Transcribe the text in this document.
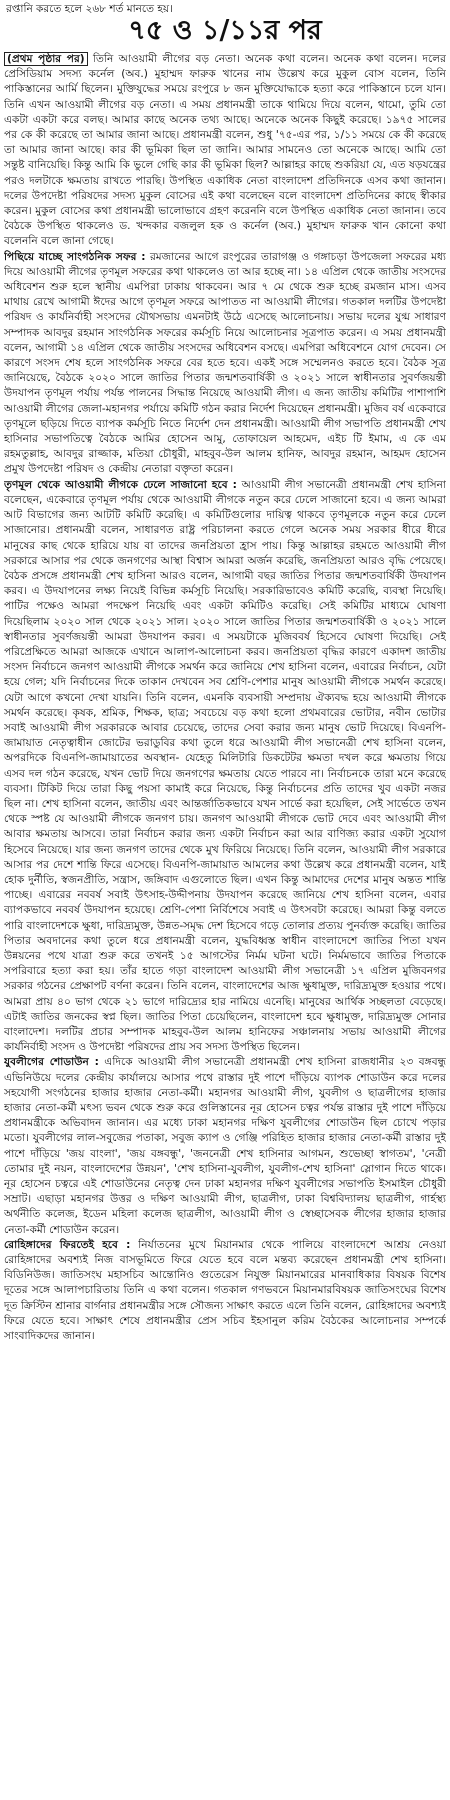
রপ্তানি করতে হলে ২৬৮ শর্ত মানতে হয়।
৭৫ ও ১/১১র পর

(প্রথম পৃষ্ঠার পর) তিনি আওয়ামী লীগের বড় নেতা। অনেক কথা বলেন। অনেক কথা বলেন। দলের প্রেসিডিয়াম সদস্য কর্নেল (অব.) মুহাম্মদ ফারুক খানের নাম উল্লেখ করে মুকুল বোস বলেন, তিনি পাকিস্তানের আর্মি ছিলেন। মুক্তিযুদ্ধের সময়ে রংপুরে ৮ জন মুক্তিযোদ্ধাকে হত্যা করে পাকিস্তানে চলে যান। তিনি এখন আওয়ামী লীগের বড় নেতা। এ সময় প্রধানমন্ত্রী তাকে থামিয়ে দিয়ে বলেন, থামো, তুমি তো একটা একটা করে বলছ। আমার কাছে অনেক তথ্য আছে। অনেকে অনেক কিছুই করেছে। ১৯৭৫ সালের পর কে কী করেছে তা আমার জানা আছে। প্রধানমন্ত্রী বলেন, শুধু '৭৫-এর পর, ১/১১ সময়ে কে কী করেছে তা আমার জানা আছে। কার কী ভূমিকা ছিল তা জানি। আমার সামনেও তো অনেকে আছে। আমি তো সন্তুষ্ট বানিয়েছি। কিন্তু আমি কি ভুলে গেছি কার কী ভূমিকা ছিল? আল্লাহর কাছে শুকরিয়া যে, এত ষড়যন্ত্রের পরও দলটাকে ক্ষমতায় রাখতে পারছি। উপস্থিত একাধিক নেতা বাংলাদেশ প্রতিদিনকে এসব কথা জানান। দলের উপদেষ্টা পরিষদের সদস্য মুকুল বোসের এই কথা বলেছেন বলে বাংলাদেশ প্রতিদিনের কাছে স্বীকার করেন। মুকুল বোসের কথা প্রধানমন্ত্রী ভালোভাবে গ্রহণ করেননি বলে উপস্থিত একাধিক নেতা জানান। তবে বৈঠকে উপস্থিত থাকলেও ড. খন্দকার বজলুল হক ও কর্নেল (অব.) মুহাম্মদ ফারুক খান কোনো কথা বলেননি বলে জানা গেছে।

পিছিয়ে যাচ্ছে সাংগঠনিক সফর : রমজানের আগে রংপুরের তারাগঞ্জ ও গঙ্গাচড়া উপজেলা সফরের মধ্য দিয়ে আওয়ামী লীগের তৃণমূল সফরের কথা থাকলেও তা আর হচ্ছে না। ১৪ এপ্রিল থেকে জাতীয় সংসদের অধিবেশন শুরু হলে স্থানীয় এমপিরা ঢাকায় থাকবেন। আর ৭ মে থেকে শুরু হচ্ছে রমজান মাস। এসব মাথায় রেখে আগামী ঈদের আগে তৃণমূল সফরে আপাতত না আওয়ামী লীগের। গতকাল দলটির উপদেষ্টা পরিষদ ও কার্যনির্বাহী সংসদের যৌথসভায় এমনটাই উঠে এসেছে আলোচনায়। সভায় দলের যুগ্ম সাধারণ সম্পাদক আবদুর রহমান সাংগঠনিক সফরের কর্মসূচি নিয়ে আলোচনার সূত্রপাত করেন। এ সময় প্রধানমন্ত্রী বলেন, আগামী ১৪ এপ্রিল থেকে জাতীয় সংসদের অধিবেশন বসছে। এমপিরা অধিবেশনে যোগ দেবেন। সে কারণে সংসদ শেষ হলে সাংগঠনিক সফরে বের হতে হবে। একই সঙ্গে সম্মেলনও করতে হবে। বৈঠক সূত্র জানিয়েছে, বৈঠকে ২০২০ সালে জাতির পিতার জন্মশতবার্ষিকী ও ২০২১ সালে স্বাধীনতার সুবর্ণজয়ন্তী উদযাপন তৃণমূল পর্যায় পর্যন্ত পালনের সিদ্ধান্ত নিয়েছে আওয়ামী লীগ। এ জন্য জাতীয় কমিটির পাশাপাশি আওয়ামী লীগের জেলা-মহানগর পর্যায়ে কমিটি গঠন করার নির্দেশ দিয়েছেন প্রধানমন্ত্রী। মুজিব বর্ষ একেবারে তৃণমূলে ছড়িয়ে দিতে ব্যাপক কর্মসূচি নিতে নির্দেশ দেন প্রধানমন্ত্রী। আওয়ামী লীগ সভাপতি প্রধানমন্ত্রী শেখ হাসিনার সভাপতিত্বে বৈঠকে আমির হোসেন আমু, তোফায়েল আহমেদ, এইচ টি ইমাম, এ কে এম রহমতুল্লাহ, আবদুর রাজ্জাক, মতিয়া চৌধুরী, মাহবুব-উল আলম হানিফ, আবদুর রহমান, আহমদ হোসেন প্রমুখ উপদেষ্টা পরিষদ ও কেন্দ্রীয় নেতারা বক্তৃতা করেন।

তৃণমূল থেকে আওয়ামী লীগকে ঢেলে সাজানো হবে : আওয়ামী লীগ সভানেত্রী প্রধানমন্ত্রী শেখ হাসিনা বলেছেন, একেবারে তৃণমূল পর্যায় থেকে আওয়ামী লীগকে নতুন করে ঢেলে সাজানো হবে। এ জন্য আমরা আট বিভাগের জন্য আটটি কমিটি করেছি। এ কমিটিগুলোর দায়িত্ব থাকবে তৃণমূলকে নতুন করে ঢেলে সাজানোর। প্রধানমন্ত্রী বলেন, সাধারণত রাষ্ট্র পরিচালনা করতে গেলে অনেক সময় সরকার ধীরে ধীরে মানুষের কাছ থেকে হারিয়ে যায় বা তাদের জনপ্রিয়তা হ্রাস পায়। কিন্তু আল্লাহর রহমতে আওয়ামী লীগ সরকারে আসার পর থেকে জনগণের আস্থা বিশ্বাস আমরা অর্জন করেছি, জনপ্রিয়তা আরও বৃদ্ধি পেয়েছে। বৈঠক প্রসঙ্গে প্রধানমন্ত্রী শেখ হাসিনা আরও বলেন, আগামী বছর জাতির পিতার জন্মশতবার্ষিকী উদযাপন করব। এ উদযাপনের লক্ষ্য নিয়েই বিভিন্ন কর্মসূচি নিয়েছি। সরকারিভাবেও কমিটি করেছি, ব্যবস্থা নিয়েছি। পাটির পক্ষেও আমরা পদক্ষেপ নিয়েছি এবং একটা কমিটিও করেছি। সেই কমিটির মাধ্যমে ঘোষণা দিয়েছিলাম ২০২০ সাল থেকে ২০২১ সাল। ২০২০ সালে জাতির পিতার জন্মশতবার্ষিকী ও ২০২১ সালে স্বাধীনতার সুবর্ণজয়ন্তী আমরা উদযাপন করব। এ সময়টাকে মুজিববর্ষ হিসেবে ঘোষণা দিয়েছি। সেই পরিপ্রেক্ষিতে আমরা আজকে এখানে আলাপ-আলোচনা করব। জনপ্রিয়তা বৃদ্ধির কারণে একাদশ জাতীয় সংসদ নির্বাচনে জনগণ আওয়ামী লীগকে সমর্থন করে জানিয়ে শেখ হাসিনা বলেন, এবারের নির্বাচন, যেটা হয়ে গেল; যদি নির্বাচনের দিকে তাকান দেখবেন সব শ্রেণি-পেশার মানুষ আওয়ামী লীগকে সমর্থন করেছে। যেটা আগে কখনো দেখা যায়নি। তিনি বলেন, এমনকি ব্যবসায়ী সম্প্রদায় ঐক্যবদ্ধ হয়ে আওয়ামী লীগকে সমর্থন করেছে। কৃষক, শ্রমিক, শিক্ষক, ছাত্র; সবচেয়ে বড় কথা হলো প্রথমবারের ভোটার, নবীন ভোটার সবাই আওয়ামী লীগ সরকারকে আবার চেয়েছে, তাদের সেবা করার জন্য মানুষ ভোট দিয়েছে। বিএনপি-জামায়াত নেতৃত্বাধীন জোটের ভরাডুবির কথা তুলে ধরে আওয়ামী লীগ সভানেত্রী শেখ হাসিনা বলেন, অপরদিকে বিএনপি-জামায়াতের অবস্থান- যেহেতু মিলিটারি ডিকটেটর ক্ষমতা দখল করে ক্ষমতায় গিয়ে এসব দল গঠন করেছে, যখন ভোট দিয়ে জনগণের ক্ষমতায় যেতে পারবে না। নির্বাচনকে তারা মনে করেছে ব্যবসা। টিকিট দিয়ে তারা কিছু পয়সা কামাই করে নিয়েছে, কিন্তু নির্বাচনের প্রতি তাদের খুব একটা নজর ছিল না। শেখ হাসিনা বলেন, জাতীয় এবং আন্তর্জাতিকভাবে যখন সার্ভে করা হয়েছিল, সেই সার্ভেতে তখন থেকে স্পষ্ট যে আওয়ামী লীগকে জনগণ চায়। জনগণ আওয়ামী লীগকে ভোট দেবে এবং আওয়ামী লীগ আবার ক্ষমতায় আসবে। তারা নির্বাচন করার জন্য একটা নির্বাচন করা আর বাণিজ্য করার একটা সুযোগ হিসেবে নিয়েছে। যার জন্য জনগণ তাদের থেকে মুখ ফিরিয়ে নিয়েছে। তিনি বলেন, আওয়ামী লীগ সরকারে আসার পর দেশে শান্তি ফিরে এসেছে। বিএনপি-জামায়াত আমলের কথা উল্লেখ করে প্রধানমন্ত্রী বলেন, যাই হোক দুর্নীতি, স্বজনপ্রীতি, সন্ত্রাস, জঙ্গিবাদ এগুলোতে ছিল। এখন কিন্তু আমাদের দেশের মানুষ অন্তত শান্তি পাচ্ছে। এবারের নববর্ষ সবাই উৎসাহ-উদ্দীপনায় উদযাপন করেছে জানিয়ে শেখ হাসিনা বলেন, এবার ব্যাপকভাবে নববর্ষ উদযাপন হয়েছে। শ্রেণি-পেশা নির্বিশেষে সবাই এ উৎসবটা করেছে। আমরা কিন্তু বলতে পারি বাংলাদেশকে ক্ষুধা, দারিদ্র্যমুক্ত, উন্নত-সমৃদ্ধ দেশ হিসেবে গড়ে তোলার প্রত্যয় পুনর্ব্যক্ত করেছি। জাতির পিতার অবদানের কথা তুলে ধরে প্রধানমন্ত্রী বলেন, যুদ্ধবিধ্বস্ত স্বাধীন বাংলাদেশে জাতির পিতা যখন উন্নয়নের পথে যাত্রা শুরু করে তখনই ১৫ আগস্টের নির্মম ঘটনা ঘটে। নির্মমভাবে জাতির পিতাকে সপরিবারে হত্যা করা হয়। তাঁর হাতে গড়া বাংলাদেশ আওয়ামী লীগ সভানেত্রী ১৭ এপ্রিল মুজিবনগর সরকার গঠনের প্রেক্ষাপট বর্ণনা করেন। তিনি বলেন, বাংলাদেশের আজ ক্ষুধামুক্ত, দারিদ্র্যমুক্ত হওয়ার পথে। আমরা প্রায় ৪০ ভাগ থেকে ২১ ভাগে দারিদ্র্যের হার নামিয়ে এনেছি। মানুষের আর্থিক সচ্ছলতা বেড়েছে। এটাই জাতির জনকের স্বপ্ন ছিল। জাতির পিতা চেয়েছিলেন, বাংলাদেশ হবে ক্ষুধামুক্ত, দারিদ্র্যমুক্ত সোনার বাংলাদেশ। দলটির প্রচার সম্পাদক মাহবুব-উল আলম হানিফের সঞ্চালনায় সভায় আওয়ামী লীগের কার্যনির্বাহী সংসদ ও উপদেষ্টা পরিষদের প্রায় সব সদস্য উপস্থিত ছিলেন।

যুবলীগের শোডাউন : এদিকে আওয়ামী লীগ সভানেত্রী প্রধানমন্ত্রী শেখ হাসিনা রাজধানীর ২৩ বঙ্গবন্ধু এভিনিউয়ে দলের কেন্দ্রীয় কার্যালয়ে আসার পথে রাস্তার দুই পাশে দাঁড়িয়ে ব্যাপক শোডাউন করে দলের সহযোগী সংগঠনের হাজার হাজার নেতা-কর্মী। মহানগর আওয়ামী লীগ, যুবলীগ ও ছাত্রলীগের হাজার হাজার নেতা-কর্মী মৎস্য ভবন থেকে শুরু করে গুলিস্তানের নূর হোসেন চত্বর পর্যন্ত রাস্তার দুই পাশে দাঁড়িয়ে প্রধানমন্ত্রীকে অভিবাদন জানান। এর মধ্যে ঢাকা মহানগর দক্ষিণ যুবলীগের শোডাউন ছিল চোখে পড়ার মতো। যুবলীগের লাল-সবুজের পতাকা, সবুজ ক্যাপ ও গেঞ্জি পরিহিত হাজার হাজার নেতা-কর্মী রাস্তার দুই পাশে দাঁড়িয়ে 'জয় বাংলা', 'জয় বঙ্গবন্ধু', 'জননেত্রী শেখ হাসিনার আগমন, শুভেচ্ছা স্বাগতম', 'নেত্রী তোমার দুই নয়ন, বাংলাদেশের উন্নয়ন', 'শেখ হাসিনা-যুবলীগ, যুবলীগ-শেখ হাসিনা' স্লোগান দিতে থাকে। নূর হোসেন চত্বরে এই শোডাউনের নেতৃত্ব দেন ঢাকা মহানগর দক্ষিণ যুবলীগের সভাপতি ইসমাইল চৌধুরী সম্রাট। এছাড়া মহানগর উত্তর ও দক্ষিণ আওয়ামী লীগ, ছাত্রলীগ, ঢাকা বিশ্ববিদ্যালয় ছাত্রলীগ, গার্হস্থ্য অর্থনীতি কলেজ, ইডেন মহিলা কলেজ ছাত্রলীগ, আওয়ামী লীগ ও স্বেচ্ছাসেবক লীগের হাজার হাজার নেতা-কর্মী শোডাউন করেন।

রোহিঙ্গাদের ফিরতেই হবে : নির্যাতনের মুখে মিয়ানমার থেকে পালিয়ে বাংলাদেশে আশ্রয় নেওয়া রোহিঙ্গাদের অবশ্যই নিজ বাসভূমিতে ফিরে যেতে হবে বলে মন্তব্য করেছেন প্রধানমন্ত্রী শেখ হাসিনা। বিডিনিউজ। জাতিসংঘ মহাসচিব আন্তোনিও গুতেরেস নিযুক্ত মিয়ানমারের মানবাধিকার বিষয়ক বিশেষ দূতের সঙ্গে আলাপচারিতায় তিনি এ কথা বলেন। গতকাল গণভবনে মিয়ানমারবিষয়ক জাতিসংঘের বিশেষ দূত ক্রিস্টিন শ্রানার বার্গনার প্রধানমন্ত্রীর সঙ্গে সৌজন্য সাক্ষাৎ করতে এলে তিনি বলেন, রোহিঙ্গাদের অবশ্যই ফিরে যেতে হবে। সাক্ষাৎ শেষে প্রধানমন্ত্রীর প্রেস সচিব ইহসানুল করিম বৈঠকের আলোচনার সম্পর্কে সাংবাদিকদের জানান।
